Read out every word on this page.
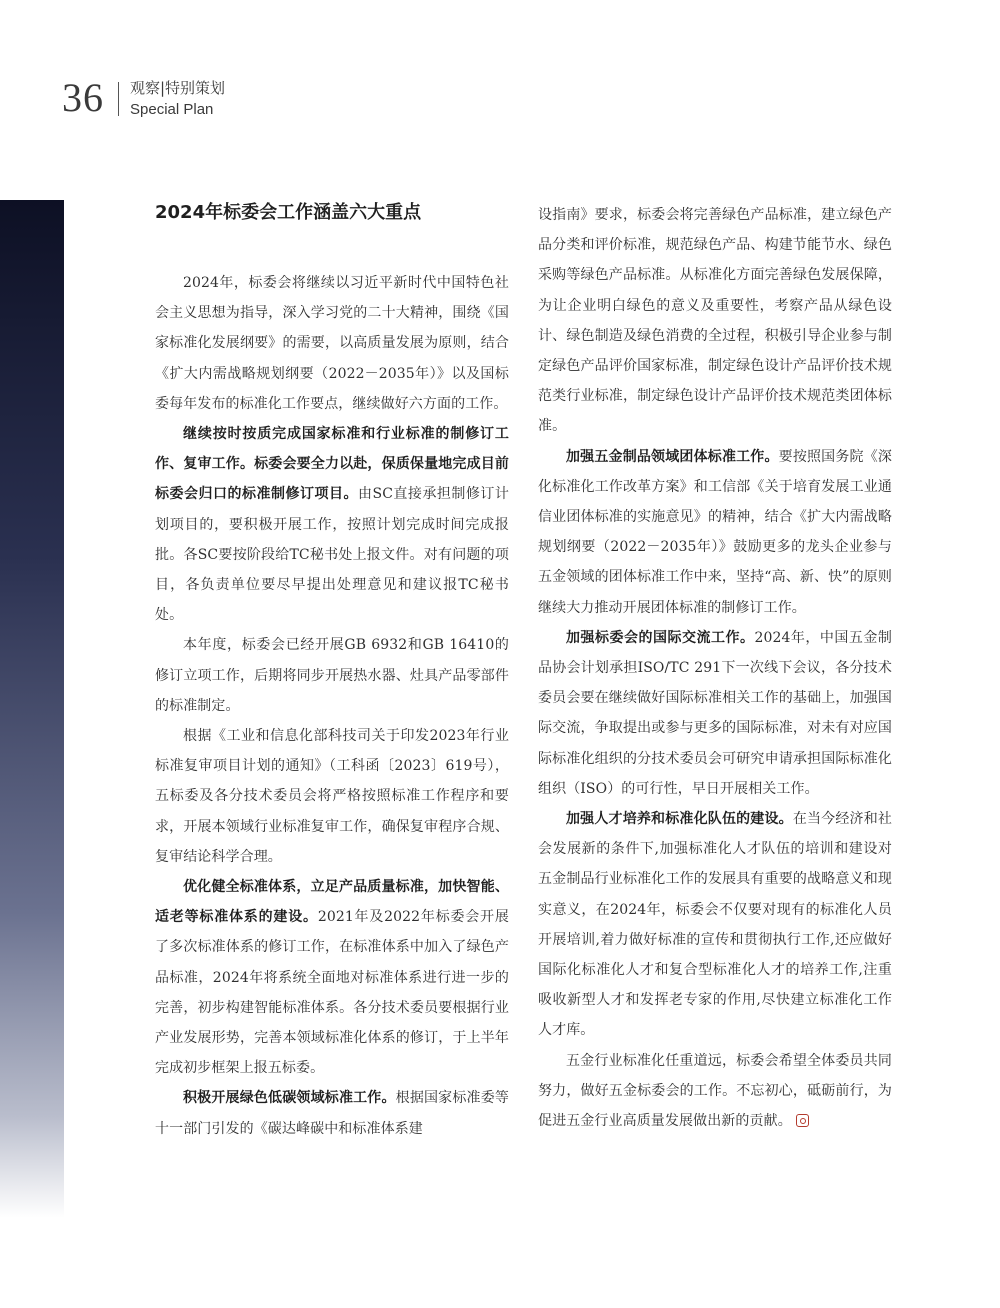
36 观察|特别策划
Special Plan
2024年标委会工作涵盖六大重点

2024年，标委会将继续以习近平新时代中国特色社会主义思想为指导，深入学习党的二十大精神，围绕《国家标准化发展纲要》的需要，以高质量发展为原则，结合《扩大内需战略规划纲要（2022－2035年）》以及国标委每年发布的标准化工作要点，继续做好六方面的工作。

继续按时按质完成国家标准和行业标准的制修订工作、复审工作。标委会要全力以赴，保质保量地完成目前标委会归口的标准制修订项目。由SC直接承担制修订计划项目的，要积极开展工作，按照计划完成时间完成报批。各SC要按阶段给TC秘书处上报文件。对有问题的项目，各负责单位要尽早提出处理意见和建议报TC秘书处。

本年度，标委会已经开展GB 6932和GB 16410的修订立项工作，后期将同步开展热水器、灶具产品零部件的标准制定。

根据《工业和信息化部科技司关于印发2023年行业标准复审项目计划的通知》（工科函〔2023〕619号），五标委及各分技术委员会将严格按照标准工作程序和要求，开展本领域行业标准复审工作，确保复审程序合规、复审结论科学合理。

优化健全标准体系，立足产品质量标准，加快智能、适老等标准体系的建设。2021年及2022年标委会开展了多次标准体系的修订工作，在标准体系中加入了绿色产品标准，2024年将系统全面地对标准体系进行进一步的完善，初步构建智能标准体系。各分技术委员要根据行业产业发展形势，完善本领域标准化体系的修订，于上半年完成初步框架上报五标委。

积极开展绿色低碳领域标准工作。根据国家标准委等十一部门引发的《碳达峰碳中和标准体系建

设指南》要求，标委会将完善绿色产品标准，建立绿色产品分类和评价标准，规范绿色产品、构建节能节水、绿色采购等绿色产品标准。从标准化方面完善绿色发展保障，为让企业明白绿色的意义及重要性，考察产品从绿色设计、绿色制造及绿色消费的全过程，积极引导企业参与制定绿色产品评价国家标准，制定绿色设计产品评价技术规范类行业标准，制定绿色设计产品评价技术规范类团体标准。

加强五金制品领域团体标准工作。要按照国务院《深化标准化工作改革方案》和工信部《关于培育发展工业通信业团体标准的实施意见》的精神，结合《扩大内需战略规划纲要（2022－2035年）》鼓励更多的龙头企业参与五金领域的团体标准工作中来，坚持“高、新、快”的原则继续大力推动开展团体标准的制修订工作。

加强标委会的国际交流工作。2024年，中国五金制品协会计划承担ISO/TC 291下一次线下会议，各分技术委员会要在继续做好国际标准相关工作的基础上，加强国际交流，争取提出或参与更多的国际标准，对未有对应国际标准化组织的分技术委员会可研究申请承担国际标准化组织（ISO）的可行性，早日开展相关工作。

加强人才培养和标准化队伍的建设。在当今经济和社会发展新的条件下,加强标准化人才队伍的培训和建设对五金制品行业标准化工作的发展具有重要的战略意义和现实意义，在2024年，标委会不仅要对现有的标准化人员开展培训,着力做好标准的宣传和贯彻执行工作,还应做好国际化标准化人才和复合型标准化人才的培养工作,注重吸收新型人才和发挥老专家的作用,尽快建立标准化工作人才库。

五金行业标准化任重道远，标委会希望全体委员共同努力，做好五金标委会的工作。不忘初心，砥砺前行，为促进五金行业高质量发展做出新的贡献。
